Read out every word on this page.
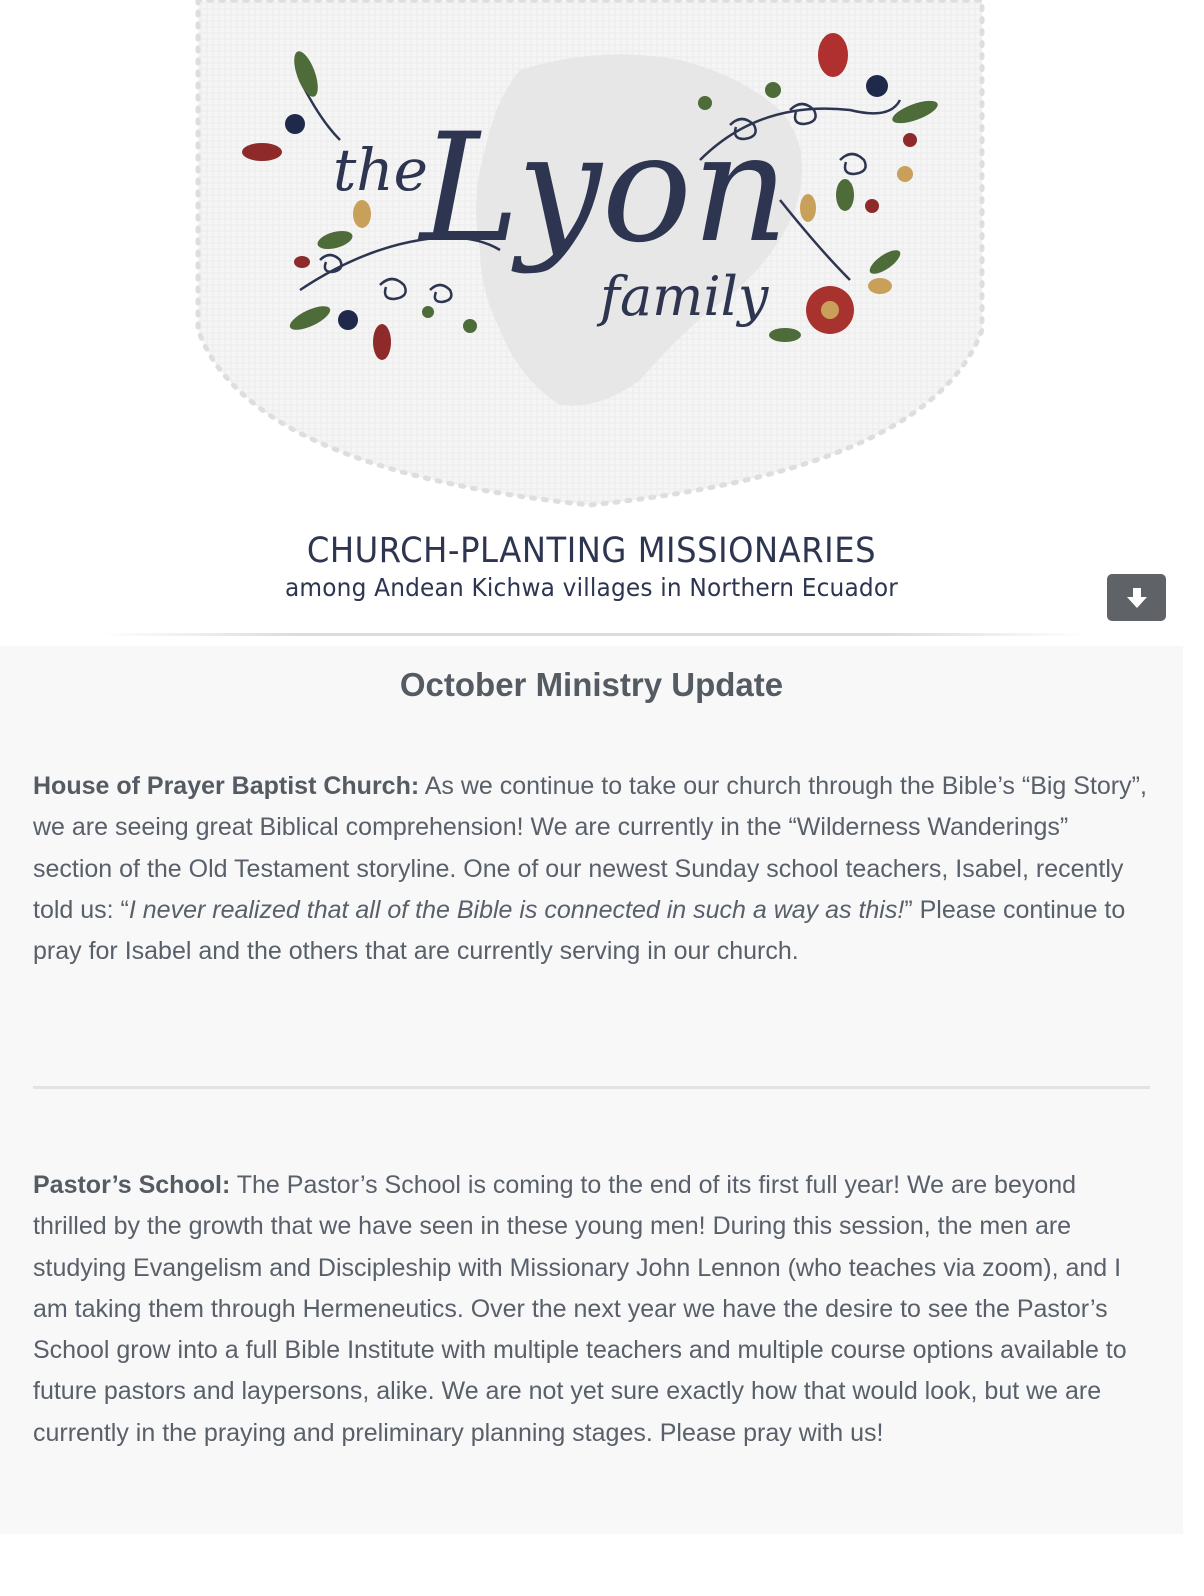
the
Lyon
family
CHURCH-PLANTING MISSIONARIES
among Andean Kichwa villages in Northern Ecuador
October Ministry Update
House of Prayer Baptist Church: As we continue to take our church through the Bible’s “Big Story”, we are seeing great Biblical comprehension! We are currently in the “Wilderness Wanderings” section of the Old Testament storyline. One of our newest Sunday school teachers, Isabel, recently told us: “I never realized that all of the Bible is connected in such a way as this!” Please continue to pray for Isabel and the others that are currently serving in our church.
Pastor’s School: The Pastor’s School is coming to the end of its first full year! We are beyond thrilled by the growth that we have seen in these young men! During this session, the men are studying Evangelism and Discipleship with Missionary John Lennon (who teaches via zoom), and I am taking them through Hermeneutics. Over the next year we have the desire to see the Pastor’s School grow into a full Bible Institute with multiple teachers and multiple course options available to future pastors and laypersons, alike. We are not yet sure exactly how that would look, but we are currently in the praying and preliminary planning stages. Please pray with us!
